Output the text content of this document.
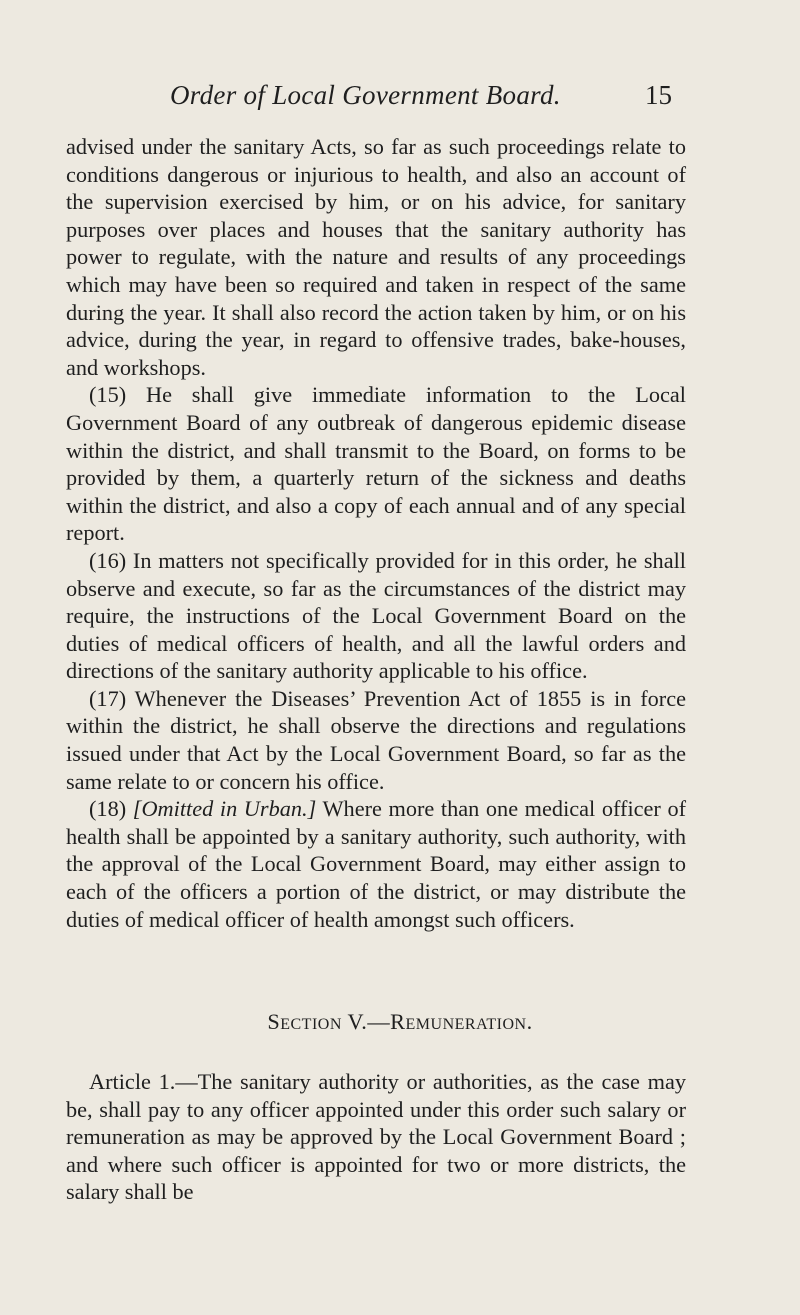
Order of Local Government Board.	15

advised under the sanitary Acts, so far as such proceedings relate to conditions dangerous or injurious to health, and also an account of the supervision exercised by him, or on his advice, for sanitary purposes over places and houses that the sanitary authority has power to regulate, with the nature and results of any proceedings which may have been so required and taken in respect of the same during the year. It shall also record the action taken by him, or on his advice, during the year, in regard to offensive trades, bake-houses, and workshops.

(15) He shall give immediate information to the Local Government Board of any outbreak of dangerous epidemic disease within the district, and shall transmit to the Board, on forms to be provided by them, a quarterly return of the sickness and deaths within the district, and also a copy of each annual and of any special report.

(16) In matters not specifically provided for in this order, he shall observe and execute, so far as the circumstances of the district may require, the instructions of the Local Government Board on the duties of medical officers of health, and all the lawful orders and directions of the sanitary authority applicable to his office.

(17) Whenever the Diseases’ Prevention Act of 1855 is in force within the district, he shall observe the directions and regulations issued under that Act by the Local Government Board, so far as the same relate to or concern his office.

(18) [Omitted in Urban.] Where more than one medical officer of health shall be appointed by a sanitary authority, such authority, with the approval of the Local Government Board, may either assign to each of the officers a portion of the district, or may distribute the duties of medical officer of health amongst such officers.

Section V.—Remuneration.

Article 1.—The sanitary authority or authorities, as the case may be, shall pay to any officer appointed under this order such salary or remuneration as may be approved by the Local Government Board ; and where such officer is appointed for two or more districts, the salary shall be
